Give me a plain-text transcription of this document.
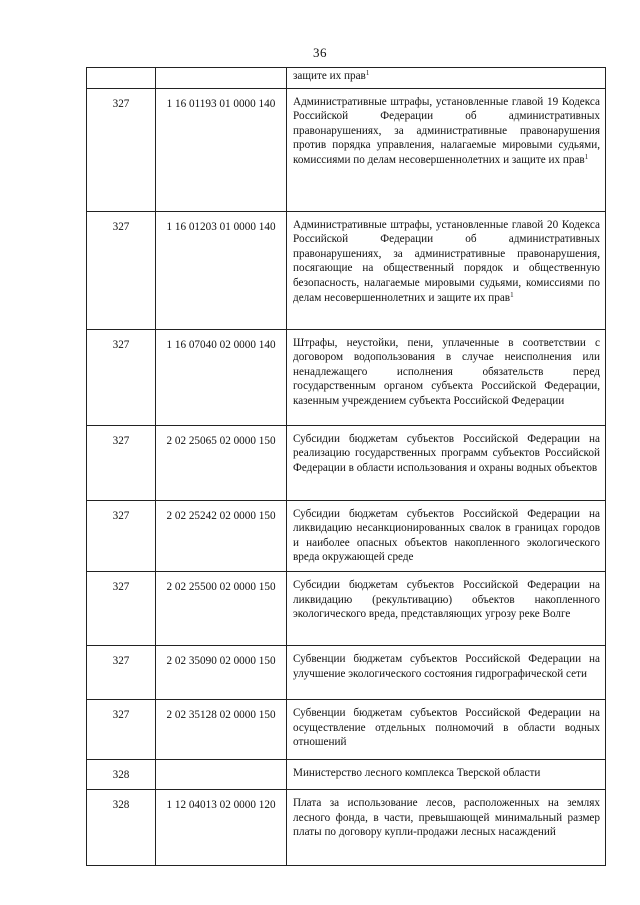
36
		защите их прав$^1$
327	1 16 01193 01 0000 140	Административные штрафы, установленные главой 19 Кодекса Российской Федерации об административных правонарушениях, за административные правонарушения против порядка управления, налагаемые мировыми судьями, комиссиями по делам несовершеннолетних и защите их прав$^1$
327	1 16 01203 01 0000 140	Административные штрафы, установленные главой 20 Кодекса Российской Федерации об административных правонарушениях, за административные правонарушения, посягающие на общественный порядок и общественную безопасность, налагаемые мировыми судьями, комиссиями по делам несовершеннолетних и защите их прав$^1$
327	1 16 07040 02 0000 140	Штрафы, неустойки, пени, уплаченные в соответствии с договором водопользования в случае неисполнения или ненадлежащего исполнения обязательств перед государственным органом субъекта Российской Федерации, казенным учреждением субъекта Российской Федерации
327	2 02 25065 02 0000 150	Субсидии бюджетам субъектов Российской Федерации на реализацию государственных программ субъектов Российской Федерации в области использования и охраны водных объектов
327	2 02 25242 02 0000 150	Субсидии бюджетам субъектов Российской Федерации на ликвидацию несанкционированных свалок в границах городов и наиболее опасных объектов накопленного экологического вреда окружающей среде
327	2 02 25500 02 0000 150	Субсидии бюджетам субъектов Российской Федерации на ликвидацию (рекультивацию) объектов накопленного экологического вреда, представляющих угрозу реке Волге
327	2 02 35090 02 0000 150	Субвенции бюджетам субъектов Российской Федерации на улучшение экологического состояния гидрографической сети
327	2 02 35128 02 0000 150	Субвенции бюджетам субъектов Российской Федерации на осуществление отдельных полномочий в области водных отношений
328		Министерство лесного комплекса Тверской области
328	1 12 04013 02 0000 120	Плата за использование лесов, расположенных на землях лесного фонда, в части, превышающей минимальный размер платы по договору купли-продажи лесных насаждений
